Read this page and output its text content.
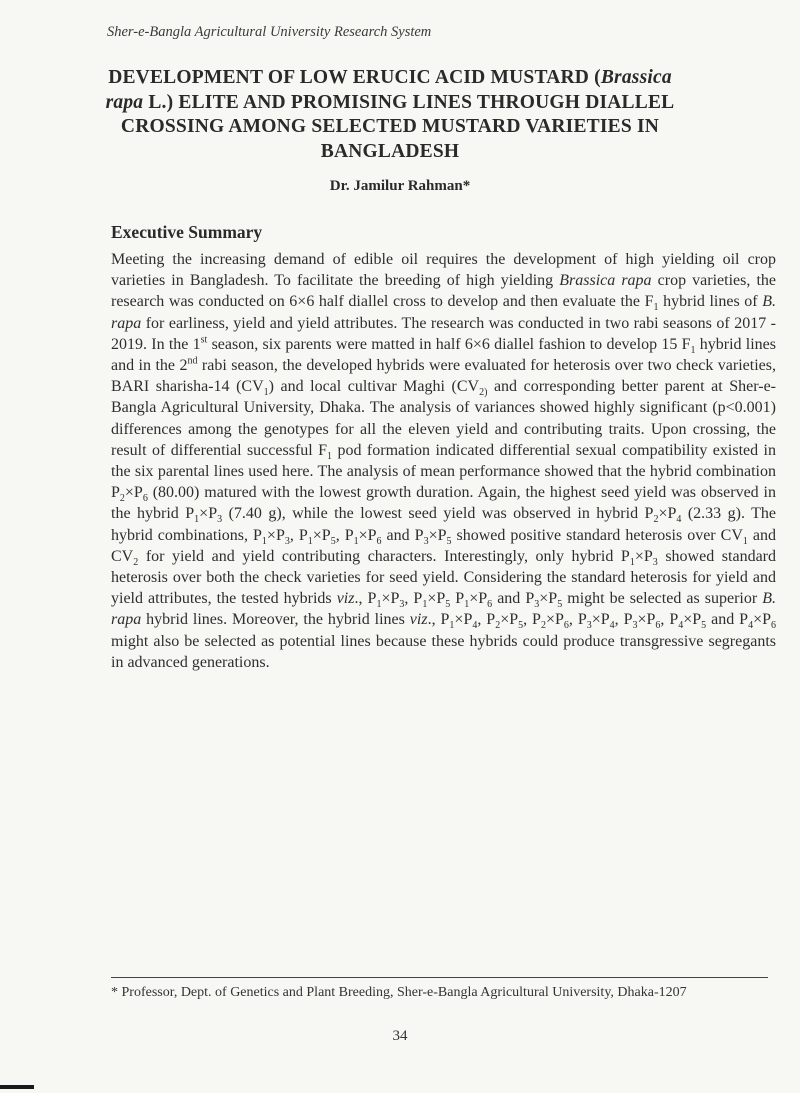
Sher-e-Bangla Agricultural University Research System
DEVELOPMENT OF LOW ERUCIC ACID MUSTARD (Brassica rapa L.) ELITE AND PROMISING LINES THROUGH DIALLEL CROSSING AMONG SELECTED MUSTARD VARIETIES IN BANGLADESH
Dr. Jamilur Rahman*
Executive Summary
Meeting the increasing demand of edible oil requires the development of high yielding oil crop varieties in Bangladesh. To facilitate the breeding of high yielding Brassica rapa crop varieties, the research was conducted on 6×6 half diallel cross to develop and then evaluate the $F_1$ hybrid lines of B. rapa for earliness, yield and yield attributes. The research was conducted in two rabi seasons of 2017 - 2019. In the 1st season, six parents were matted in half 6×6 diallel fashion to develop 15 $F_1$ hybrid lines and in the 2nd rabi season, the developed hybrids were evaluated for heterosis over two check varieties, BARI sharisha-14 $(CV_1)$ and local cultivar Maghi ($CV_{2)}$ and corresponding better parent at Sher-e-Bangla Agricultural University, Dhaka. The analysis of variances showed highly significant (p<0.001) differences among the genotypes for all the eleven yield and contributing traits. Upon crossing, the result of differential successful $F_1$ pod formation indicated differential sexual compatibility existed in the six parental lines used here. The analysis of mean performance showed that the hybrid combination $P_2\times P_6$ (80.00) matured with the lowest growth duration. Again, the highest seed yield was observed in the hybrid $P_1\times P_3$ (7.40 g), while the lowest seed yield was observed in hybrid $P_2\times P_4$ (2.33 g). The hybrid combinations, $P_1\times P_3$, $P_1\times P_5$, $P_1\times P_6$ and $P_3\times P_5$ showed positive standard heterosis over $CV_1$ and $CV_2$ for yield and yield contributing characters. Interestingly, only hybrid $P_1\times P_3$ showed standard heterosis over both the check varieties for seed yield. Considering the standard heterosis for yield and yield attributes, the tested hybrids viz., $P_1\times P_3$, $P_1\times P_5$ $P_1\times P_6$ and $P_3\times P_5$ might be selected as superior B. rapa hybrid lines. Moreover, the hybrid lines viz., $P_1\times P_4$, $P_2\times P_5$, $P_2\times P_6$, $P_3\times P_4$, $P_3\times P_6$, $P_4\times P_5$ and $P_4\times P_6$ might also be selected as potential lines because these hybrids could produce transgressive segregants in advanced generations.
* Professor, Dept. of Genetics and Plant Breeding, Sher-e-Bangla Agricultural University, Dhaka-1207
34
